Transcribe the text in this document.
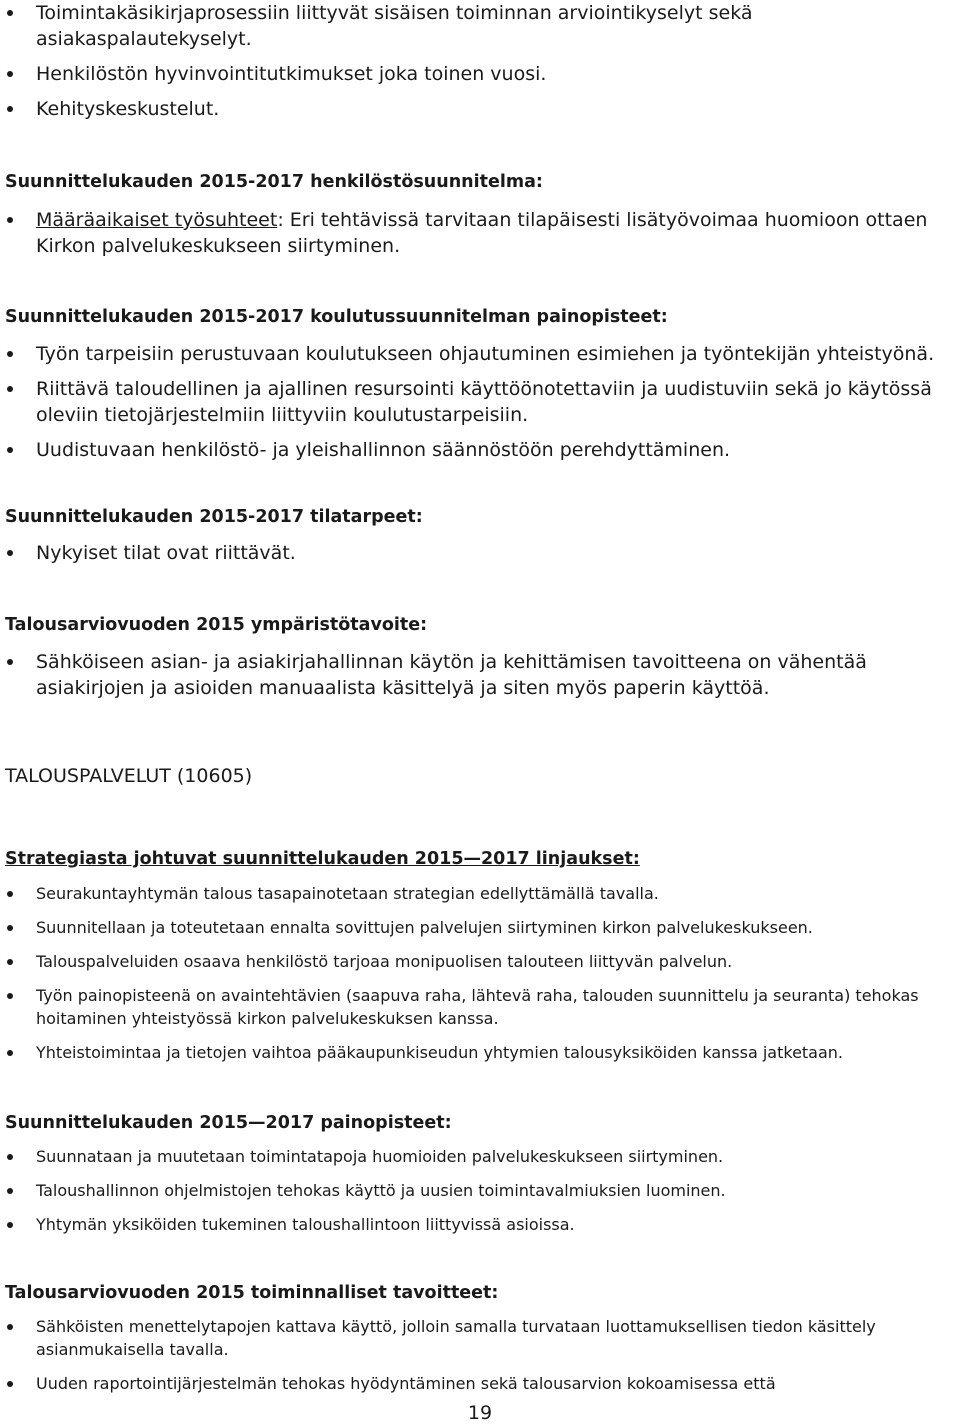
Toimintakäsikirjaprosessiin liittyvät sisäisen toiminnan arviointikyselyt sekä asiakaspalautekyselyt.
Henkilöstön hyvinvointitutkimukset joka toinen vuosi.
Kehityskeskustelut.
Suunnittelukauden 2015-2017 henkilöstösuunnitelma:
Määräaikaiset työsuhteet: Eri tehtävissä tarvitaan tilapäisesti lisätyövoimaa huomioon ottaen Kirkon palvelukeskukseen siirtyminen.
Suunnittelukauden 2015-2017 koulutussuunnitelman painopisteet:
Työn tarpeisiin perustuvaan koulutukseen ohjautuminen esimiehen ja työntekijän yhteistyönä.
Riittävä taloudellinen ja ajallinen resursointi käyttöönotettaviin ja uudistuviin sekä jo käytössä oleviin tietojärjestelmiin liittyviin koulutustarpeisiin.
Uudistuvaan henkilöstö- ja yleishallinnon säännöstöön perehdyttäminen.
Suunnittelukauden 2015-2017 tilatarpeet:
Nykyiset tilat ovat riittävät.
Talousarviovuoden 2015 ympäristötavoite:
Sähköiseen asian- ja asiakirjahallinnan käytön ja kehittämisen tavoitteena on vähentää asiakirjojen ja asioiden manuaalista käsittelyä ja siten myös paperin käyttöä.
TALOUSPALVELUT (10605)
Strategiasta johtuvat suunnittelukauden 2015—2017 linjaukset:
Seurakuntayhtymän talous tasapainotetaan strategian edellyttämällä tavalla.
Suunnitellaan ja toteutetaan ennalta sovittujen palvelujen siirtyminen kirkon palvelukeskukseen.
Talouspalveluiden osaava henkilöstö tarjoaa monipuolisen talouteen liittyvän palvelun.
Työn painopisteenä on avaintehtävien (saapuva raha, lähtevä raha, talouden suunnittelu ja seuranta) tehokas hoitaminen yhteistyössä kirkon palvelukeskuksen kanssa.
Yhteistoimintaa ja tietojen vaihtoa pääkaupunkiseudun yhtymien talousyksiköiden kanssa jatketaan.
Suunnittelukauden 2015—2017 painopisteet:
Suunnataan ja muutetaan toimintatapoja huomioiden palvelukeskukseen siirtyminen.
Taloushallinnon ohjelmistojen tehokas käyttö ja uusien toimintavalmiuksien luominen.
Yhtymän yksiköiden tukeminen taloushallintoon liittyvissä asioissa.
Talousarviovuoden 2015 toiminnalliset tavoitteet:
Sähköisten menettelytapojen kattava käyttö, jolloin samalla turvataan luottamuksellisen tiedon käsittely asianmukaisella tavalla.
Uuden raportointijärjestelmän tehokas hyödyntäminen sekä talousarvion kokoamisessa että
19
